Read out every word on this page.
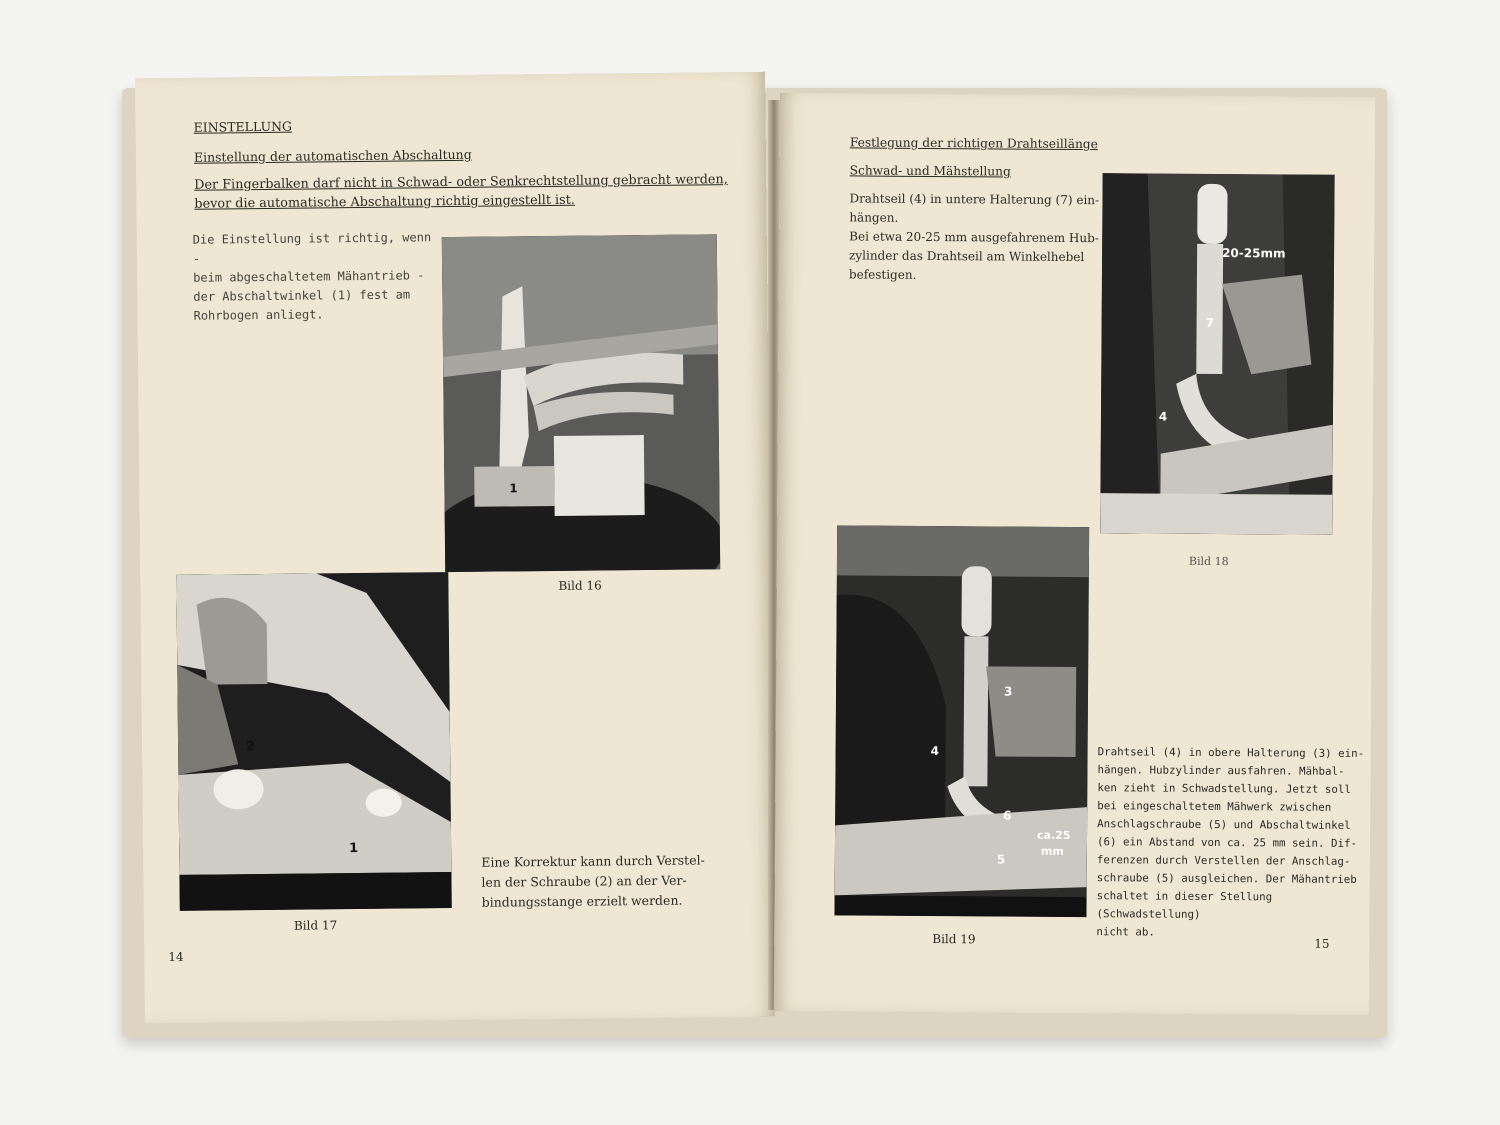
EINSTELLUNG
Einstellung der automatischen Abschaltung
Der Fingerbalken darf nicht in Schwad- oder Senkrechtstellung gebracht werden,
bevor die automatische Abschaltung richtig eingestellt ist.
Die Einstellung ist richtig, wenn -
beim abgeschaltetem Mähantrieb -
der Abschaltwinkel (1) fest am
Rohrbogen anliegt.
1
Bild 16
2
1
Bild 17
Eine Korrektur kann durch Verstel-
len der Schraube (2) an der Ver-
bindungsstange erzielt werden.
14
Festlegung der richtigen Drahtseillänge
Schwad- und Mähstellung
Drahtseil (4) in untere Halterung (7) ein-
hängen.
Bei etwa 20-25 mm ausgefahrenem Hub-
zylinder das Drahtseil am Winkelhebel
befestigen.
20-25mm
7
4
Bild 18
3
4
6
5
ca.25
mm
Bild 19
Drahtseil (4) in obere Halterung (3) ein-
hängen. Hubzylinder ausfahren. Mähbal-
ken zieht in Schwadstellung. Jetzt soll
bei eingeschaltetem Mähwerk zwischen
Anschlagschraube (5) und Abschaltwinkel
(6) ein Abstand von ca. 25 mm sein. Dif-
ferenzen durch Verstellen der Anschlag-
schraube (5) ausgleichen. Der Mähantrieb
schaltet in dieser Stellung (Schwadstellung)
nicht ab.
15
